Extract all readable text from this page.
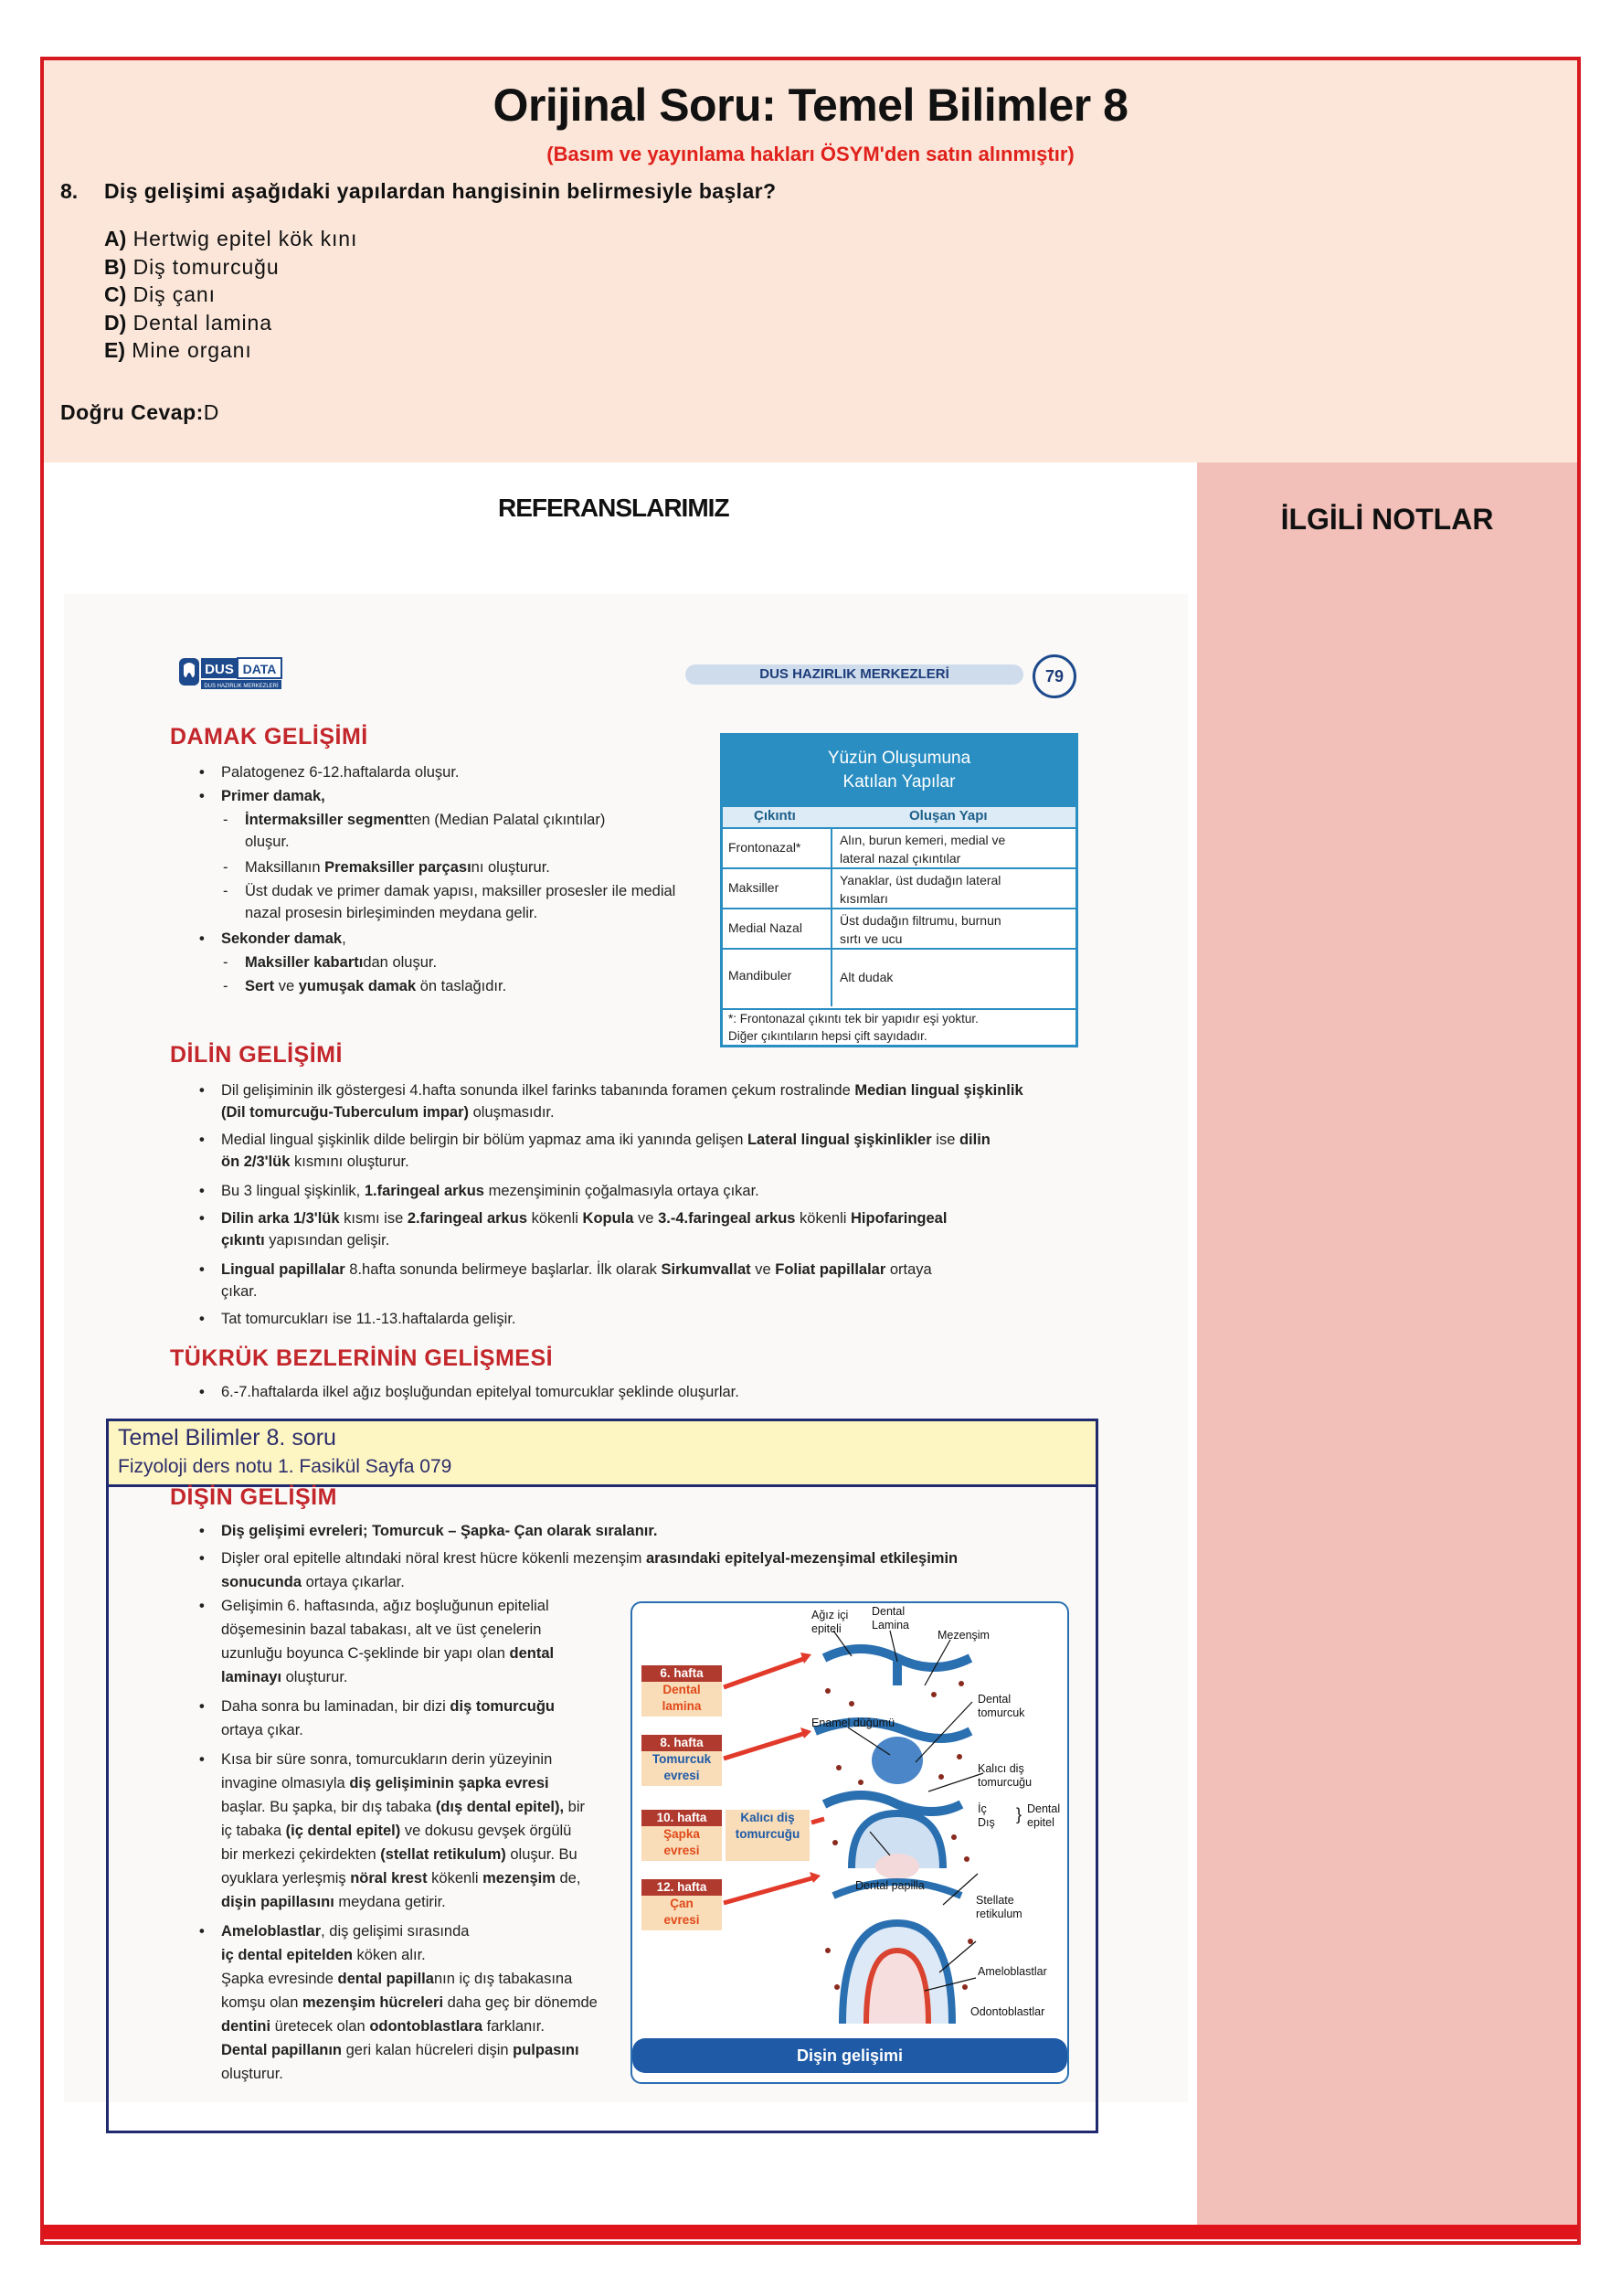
Orijinal Soru: Temel Bilimler 8
(Basım ve yayınlama hakları ÖSYM'den satın alınmıştır)
8. Diş gelişimi aşağıdaki yapılardan hangisinin belirmesiyle başlar?
A) Hertwig epitel kök kını
B) Diş tomurcuğu
C) Diş çanı
D) Dental lamina
E) Mine organı
Doğru Cevap:D
REFERANSLARIMIZ	İLGİLİ NOTLAR
DUS DATA
DUS HAZIRLIK MERKEZLERİ
DUS HAZIRLIK MERKEZLERİ	79
DAMAK GELİŞİMİ
• Palatogenez 6-12.haftalarda oluşur.
• Primer damak,
- İntermaksiller segmentten (Median Palatal çıkıntılar)
oluşur.
- Maksillanın Premaksiller parçasını oluşturur.
- Üst dudak ve primer damak yapısı, maksiller prosesler ile medial
nazal prosesin birleşiminden meydana gelir.
• Sekonder damak,
- Maksiller kabartıdan oluşur.
- Sert ve yumuşak damak ön taslağıdır.
Yüzün Oluşumuna
Katılan Yapılar
Çıkıntı	Oluşan Yapı
Frontonazal*	Alın, burun kemeri, medial ve
lateral nazal çıkıntılar
Maksiller	Yanaklar, üst dudağın lateral
kısımları
Medial Nazal	Üst dudağın filtrumu, burnun
sırtı ve ucu
Mandibuler	Alt dudak
*: Frontonazal çıkıntı tek bir yapıdır eşi yoktur.
Diğer çıkıntıların hepsi çift sayıdadır.
DİLİN GELİŞİMİ
• Dil gelişiminin ilk göstergesi 4.hafta sonunda ilkel farinks tabanında foramen çekum rostralinde Median lingual şişkinlik
(Dil tomurcuğu-Tuberculum impar) oluşmasıdır.
• Medial lingual şişkinlik dilde belirgin bir bölüm yapmaz ama iki yanında gelişen Lateral lingual şişkinlikler ise dilin
ön 2/3'lük kısmını oluşturur.
• Bu 3 lingual şişkinlik, 1.faringeal arkus mezenşiminin çoğalmasıyla ortaya çıkar.
• Dilin arka 1/3'lük kısmı ise 2.faringeal arkus kökenli Kopula ve 3.-4.faringeal arkus kökenli Hipofaringeal
çıkıntı yapısından gelişir.
• Lingual papillalar 8.hafta sonunda belirmeye başlarlar. İlk olarak Sirkumvallat ve Foliat papillalar ortaya
çıkar.
• Tat tomurcukları ise 11.-13.haftalarda gelişir.
TÜKRÜK BEZLERİNİN GELİŞMESİ
• 6.-7.haftalarda ilkel ağız boşluğundan epitelyal tomurcuklar şeklinde oluşurlar.
Temel Bilimler 8. soru
Fizyoloji ders notu 1. Fasikül Sayfa 079
DİŞİN GELİŞİM
• Diş gelişimi evreleri; Tomurcuk – Şapka- Çan olarak sıralanır.
• Dişler oral epitelle altındaki nöral krest hücre kökenli mezenşim arasındaki epitelyal-mezenşimal etkileşimin
sonucunda ortaya çıkarlar.
• Gelişimin 6. haftasında, ağız boşluğunun epitelial
döşemesinin bazal tabakası, alt ve üst çenelerin
uzunluğu boyunca C-şeklinde bir yapı olan dental
laminayı oluşturur.
• Daha sonra bu laminadan, bir dizi diş tomurcuğu
ortaya çıkar.
• Kısa bir süre sonra, tomurcukların derin yüzeyinin
invagine olmasıyla diş gelişiminin şapka evresi
başlar. Bu şapka, bir dış tabaka (dış dental epitel), bir
iç tabaka (iç dental epitel) ve dokusu gevşek örgülü
bir merkezi çekirdekten (stellat retikulum) oluşur. Bu
oyuklara yerleşmiş nöral krest kökenli mezenşim de,
dişin papillasını meydana getirir.
• Ameloblastlar, diş gelişimi sırasında
iç dental epitelden köken alır.
Şapka evresinde dental papillanın iç dış tabakasına
komşu olan mezenşim hücreleri daha geç bir dönemde
dentini üretecek olan odontoblastlara farklanır.
Dental papillanın geri kalan hücreleri dişin pulpasını
oluşturur.
6. hafta
Dental
lamina
8. hafta
Tomurcuk
evresi
10. hafta
Şapka
evresi
12. hafta
Çan
evresi
Kalıcı diş
tomurcuğu
Ağız içi
epiteli
Dental
Lamina
Mezenşim
Dental
tomurcuk
Enamel düğümü
Kalıcı diş
tomurcuğu
İç
Dış } Dental
epitel
Dental papilla
Stellate
retikulum
Ameloblastlar
Odontoblastlar
Dişin gelişimi
